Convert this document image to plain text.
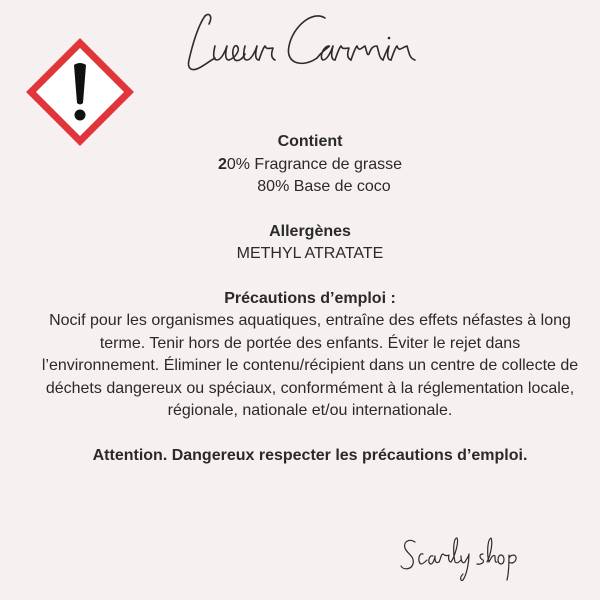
Contient

20% Fragrance de grasse

80% Base de coco

Allergènes

METHYL ATRATATE

Précautions d’emploi :

Nocif pour les organismes aquatiques, entraîne des effets néfastes à long

terme. Tenir hors de portée des enfants. Éviter le rejet dans

l’environnement. Éliminer le contenu/récipient dans un centre de collecte de

déchets dangereux ou spéciaux, conformément à la réglementation locale,

régionale, nationale et/ou internationale.

Attention. Dangereux respecter les précautions d’emploi.
